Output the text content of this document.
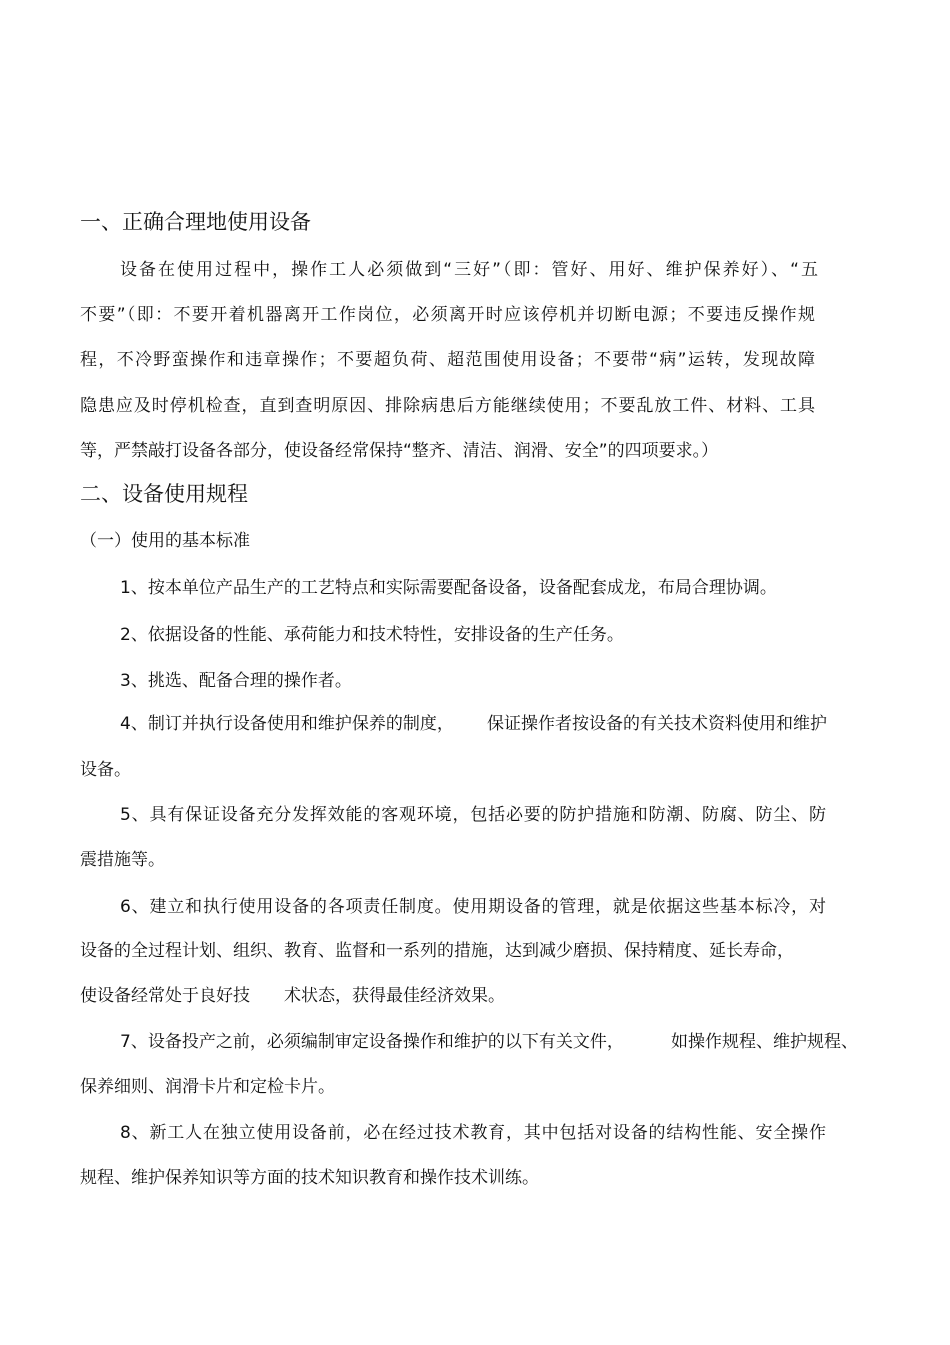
一、正确合理地使用设备
设备在使用过程中，操作工人必须做到“三好”（即：管好、用好、维护保养好）、“五
不要”（即：不要开着机器离开工作岗位，必须离开时应该停机并切断电源；不要违反操作规
程，不冷野蛮操作和违章操作；不要超负荷、超范围使用设备；不要带“病”运转，发现故障
隐患应及时停机检查，直到查明原因、排除病患后方能继续使用；不要乱放工件、材料、工具
等，严禁敲打设备各部分，使设备经常保持“整齐、清洁、润滑、安全”的四项要求。）
二、设备使用规程
（一）使用的基本标准
1、按本单位产品生产的工艺特点和实际需要配备设备，设备配套成龙，布局合理协调。
2、依据设备的性能、承荷能力和技术特性，安排设备的生产任务。
3、挑选、配备合理的操作者。
4、制订并执行设备使用和维护保养的制度， 保证操作者按设备的有关技术资料使用和维护
设备。
5、具有保证设备充分发挥效能的客观环境，包括必要的防护措施和防潮、防腐、防尘、防
震措施等。
6、建立和执行使用设备的各项责任制度。使用期设备的管理，就是依据这些基本标冷，对
设备的全过程计划、组织、教育、监督和一系列的措施，达到减少磨损、保持精度、延长寿命，
使设备经常处于良好技 术状态，获得最佳经济效果。
7、设备投产之前，必须编制审定设备操作和维护的以下有关文件，	如操作规程、维护规程、
保养细则、润滑卡片和定检卡片。
8、新工人在独立使用设备前，必在经过技术教育，其中包括对设备的结构性能、安全操作
规程、维护保养知识等方面的技术知识教育和操作技术训练。
